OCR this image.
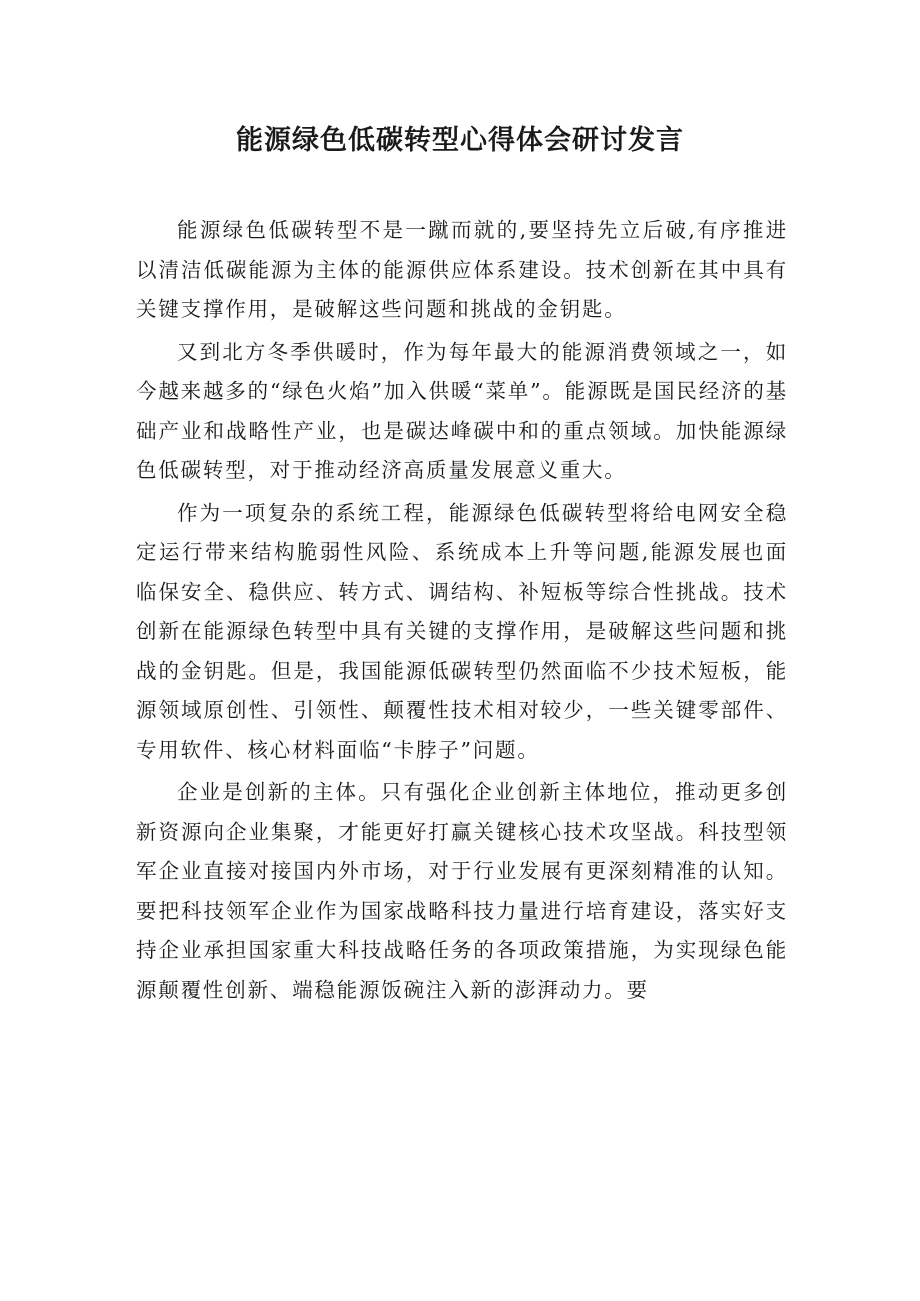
能源绿色低碳转型心得体会研讨发言

能源绿色低碳转型不是一蹴而就的,要坚持先立后破,有序推进以清洁低碳能源为主体的能源供应体系建设。技术创新在其中具有关键支撑作用，是破解这些问题和挑战的金钥匙。

又到北方冬季供暖时，作为每年最大的能源消费领域之一，如今越来越多的“绿色火焰”加入供暖“菜单”。能源既是国民经济的基础产业和战略性产业，也是碳达峰碳中和的重点领域。加快能源绿色低碳转型，对于推动经济高质量发展意义重大。

作为一项复杂的系统工程，能源绿色低碳转型将给电网安全稳定运行带来结构脆弱性风险、系统成本上升等问题,能源发展也面临保安全、稳供应、转方式、调结构、补短板等综合性挑战。技术创新在能源绿色转型中具有关键的支撑作用，是破解这些问题和挑战的金钥匙。但是，我国能源低碳转型仍然面临不少技术短板，能源领域原创性、引领性、颠覆性技术相对较少，一些关键零部件、专用软件、核心材料面临“卡脖子”问题。

企业是创新的主体。只有强化企业创新主体地位，推动更多创新资源向企业集聚，才能更好打赢关键核心技术攻坚战。科技型领军企业直接对接国内外市场，对于行业发展有更深刻精准的认知。要把科技领军企业作为国家战略科技力量进行培育建设，落实好支持企业承担国家重大科技战略任务的各项政策措施，为实现绿色能源颠覆性创新、端稳能源饭碗注入新的澎湃动力。要
